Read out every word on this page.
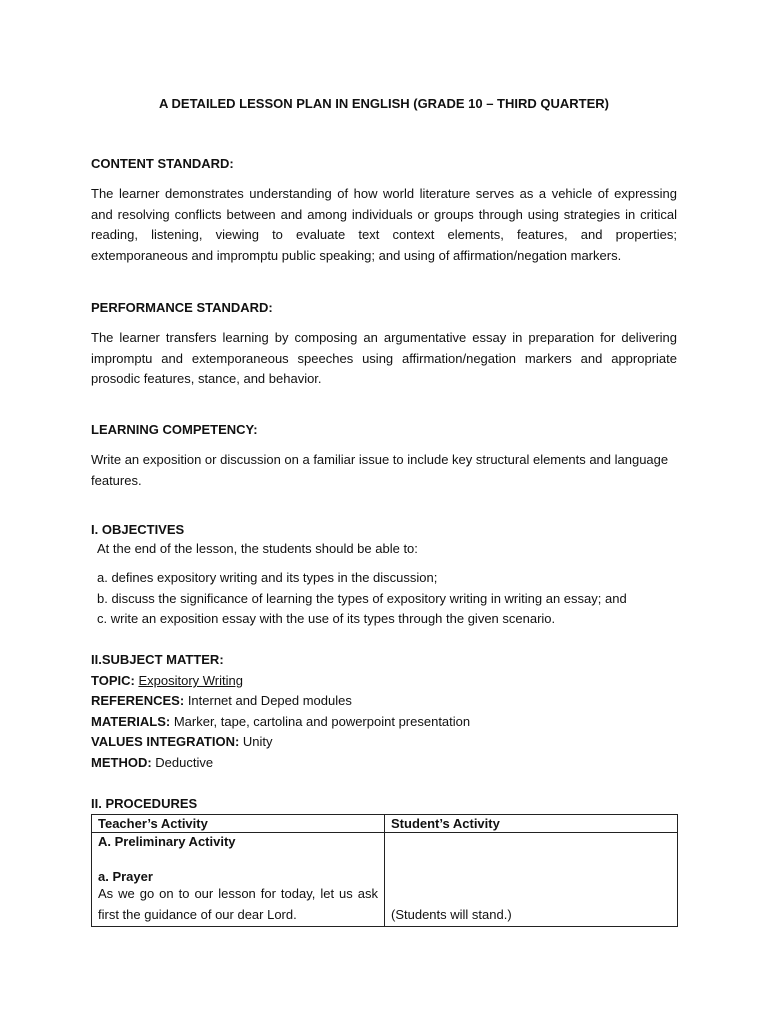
A DETAILED LESSON PLAN IN ENGLISH (GRADE 10 – THIRD QUARTER)
CONTENT STANDARD:
The learner demonstrates understanding of how world literature serves as a vehicle of expressing and resolving conflicts between and among individuals or groups through using strategies in critical reading, listening, viewing to evaluate text context elements, features, and properties; extemporaneous and impromptu public speaking; and using of affirmation/negation markers.
PERFORMANCE STANDARD:
The learner transfers learning by composing an argumentative essay in preparation for delivering impromptu and extemporaneous speeches using affirmation/negation markers and appropriate prosodic features, stance, and behavior.
LEARNING COMPETENCY:
Write an exposition or discussion on a familiar issue to include key structural elements and language features.
I. OBJECTIVES
At the end of the lesson, the students should be able to:
a. defines expository writing and its types in the discussion;
b. discuss the significance of learning the types of expository writing in writing an essay; and
c. write an exposition essay with the use of its types through the given scenario.
II.SUBJECT MATTER:
TOPIC: Expository Writing
REFERENCES: Internet and Deped modules
MATERIALS: Marker, tape, cartolina and powerpoint presentation
VALUES INTEGRATION: Unity
METHOD: Deductive
II. PROCEDURES
Teacher’s Activity	Student’s Activity

A. Preliminary Activity
a. Prayer

As we go on to our lesson for today, let us ask first the guidance of our dear Lord.	(Students will stand.)
